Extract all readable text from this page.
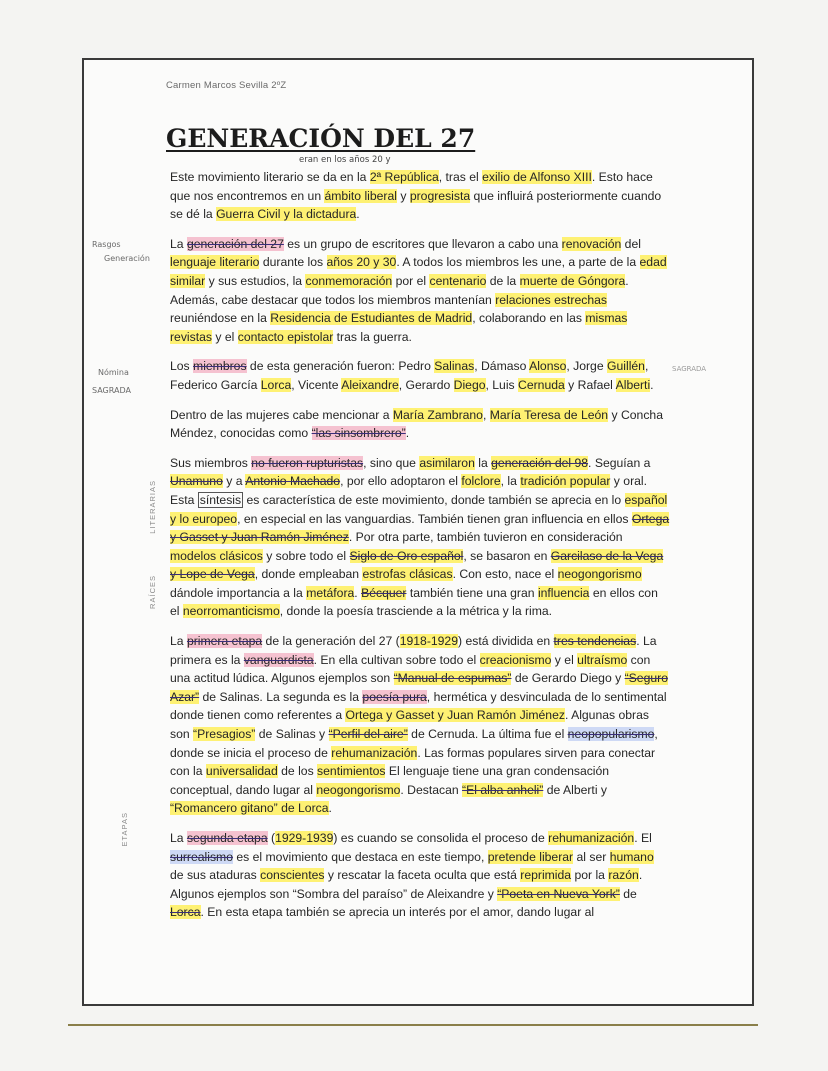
Carmen Marcos Sevilla 2ºZ
GENERACIÓN DEL 27
eran en los años 20 y
Rasgos
Generación
Nómina
SAGRADA
SAGRADA
LITERARIAS
RAÍCES
ETAPAS

Este movimiento literario se da en la 2ª República, tras el exilio de Alfonso XIII. Esto hace que nos encontremos en un ámbito liberal y progresista que influirá posteriormente cuando se dé la Guerra Civil y la dictadura.

La generación del 27 es un grupo de escritores que llevaron a cabo una renovación del lenguaje literario durante los años 20 y 30. A todos los miembros les une, a parte de la edad similar y sus estudios, la conmemoración por el centenario de la muerte de Góngora. Además, cabe destacar que todos los miembros mantenían relaciones estrechas reuniéndose en la Residencia de Estudiantes de Madrid, colaborando en las mismas revistas y el contacto epistolar tras la guerra.

Los miembros de esta generación fueron: Pedro Salinas, Dámaso Alonso, Jorge Guillén, Federico García Lorca, Vicente Aleixandre, Gerardo Diego, Luis Cernuda y Rafael Alberti.

Dentro de las mujeres cabe mencionar a María Zambrano, María Teresa de León y Concha Méndez, conocidas como “las sinsombrero”.

Sus miembros no fueron rupturistas, sino que asimilaron la generación del 98. Seguían a Unamuno y a Antonio Machado, por ello adoptaron el folclore, la tradición popular y oral. Esta síntesis es característica de este movimiento, donde también se aprecia en lo español y lo europeo, en especial en las vanguardias. También tienen gran influencia en ellos Ortega y Gasset y Juan Ramón Jiménez. Por otra parte, también tuvieron en consideración modelos clásicos y sobre todo el Siglo de Oro español, se basaron en Garcilaso de la Vega y Lope de Vega, donde empleaban estrofas clásicas. Con esto, nace el neogongorismo dándole importancia a la metáfora. Bécquer también tiene una gran influencia en ellos con el neorromanticismo, donde la poesía trasciende a la métrica y la rima.

La primera etapa de la generación del 27 (1918-1929) está dividida en tres tendencias. La primera es la vanguardista. En ella cultivan sobre todo el creacionismo y el ultraísmo con una actitud lúdica. Algunos ejemplos son “Manual de espumas” de Gerardo Diego y “Seguro Azar” de Salinas. La segunda es la poesía pura, hermética y desvinculada de lo sentimental donde tienen como referentes a Ortega y Gasset y Juan Ramón Jiménez. Algunas obras son “Presagios” de Salinas y “Perfil del aire” de Cernuda. La última fue el neopopularismo, donde se inicia el proceso de rehumanización. Las formas populares sirven para conectar con la universalidad de los sentimientos El lenguaje tiene una gran condensación conceptual, dando lugar al neogongorismo. Destacan “El alba anheli” de Alberti y “Romancero gitano” de Lorca.

La segunda etapa (1929-1939) es cuando se consolida el proceso de rehumanización. El surrealismo es el movimiento que destaca en este tiempo, pretende liberar al ser humano de sus ataduras conscientes y rescatar la faceta oculta que está reprimida por la razón. Algunos ejemplos son “Sombra del paraíso” de Aleixandre y “Poeta en Nueva York” de Lorca. En esta etapa también se aprecia un interés por el amor, dando lugar al
